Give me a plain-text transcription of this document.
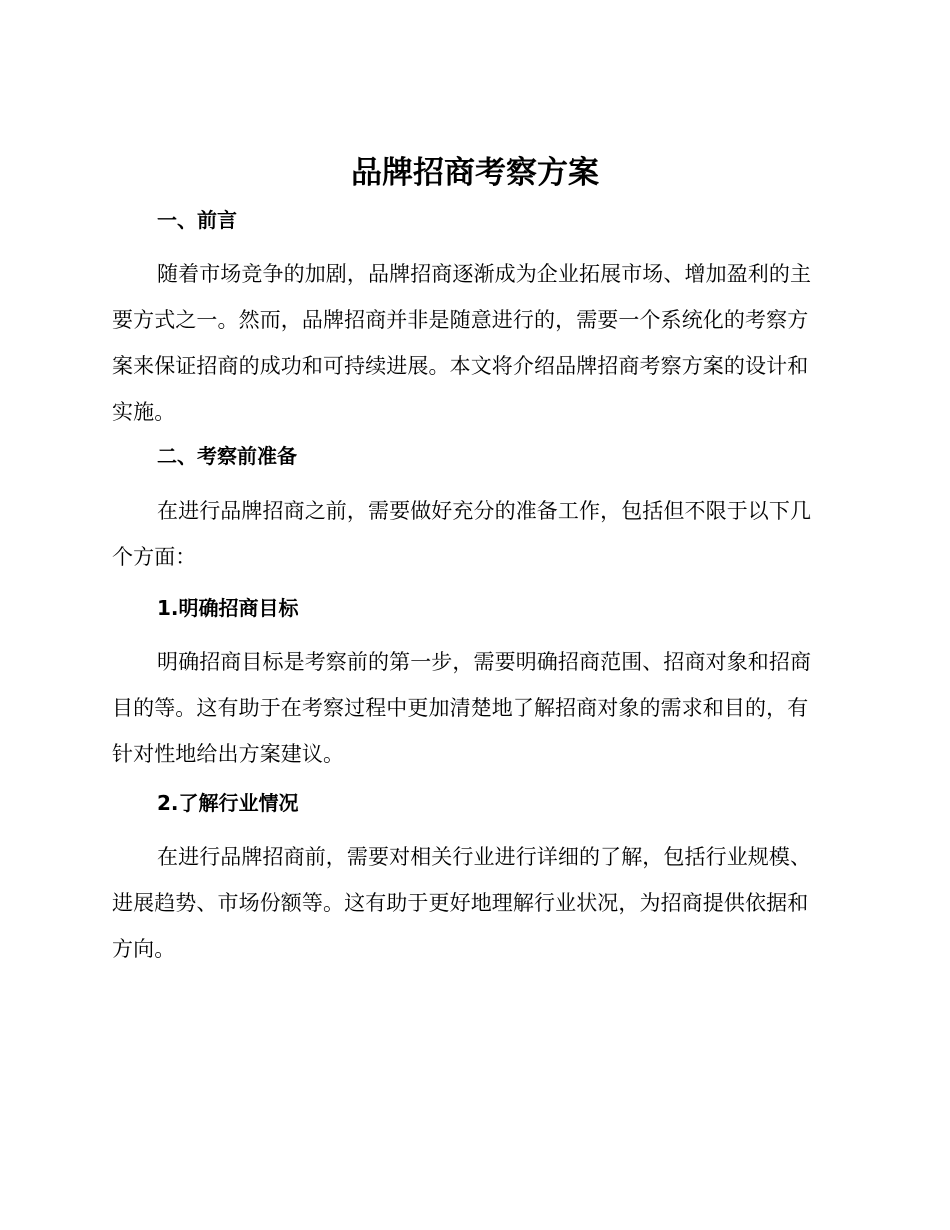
品牌招商考察方案
一、前言
随着市场竞争的加剧，品牌招商逐渐成为企业拓展市场、增加盈利的主
要方式之一。然而，品牌招商并非是随意进行的，需要一个系统化的考察方
案来保证招商的成功和可持续进展。本文将介绍品牌招商考察方案的设计和
实施。
二、考察前准备
在进行品牌招商之前，需要做好充分的准备工作，包括但不限于以下几
个方面：
1.明确招商目标
明确招商目标是考察前的第一步，需要明确招商范围、招商对象和招商
目的等。这有助于在考察过程中更加清楚地了解招商对象的需求和目的，有
针对性地给出方案建议。
2.了解行业情况
在进行品牌招商前，需要对相关行业进行详细的了解，包括行业规模、
进展趋势、市场份额等。这有助于更好地理解行业状况，为招商提供依据和
方向。
